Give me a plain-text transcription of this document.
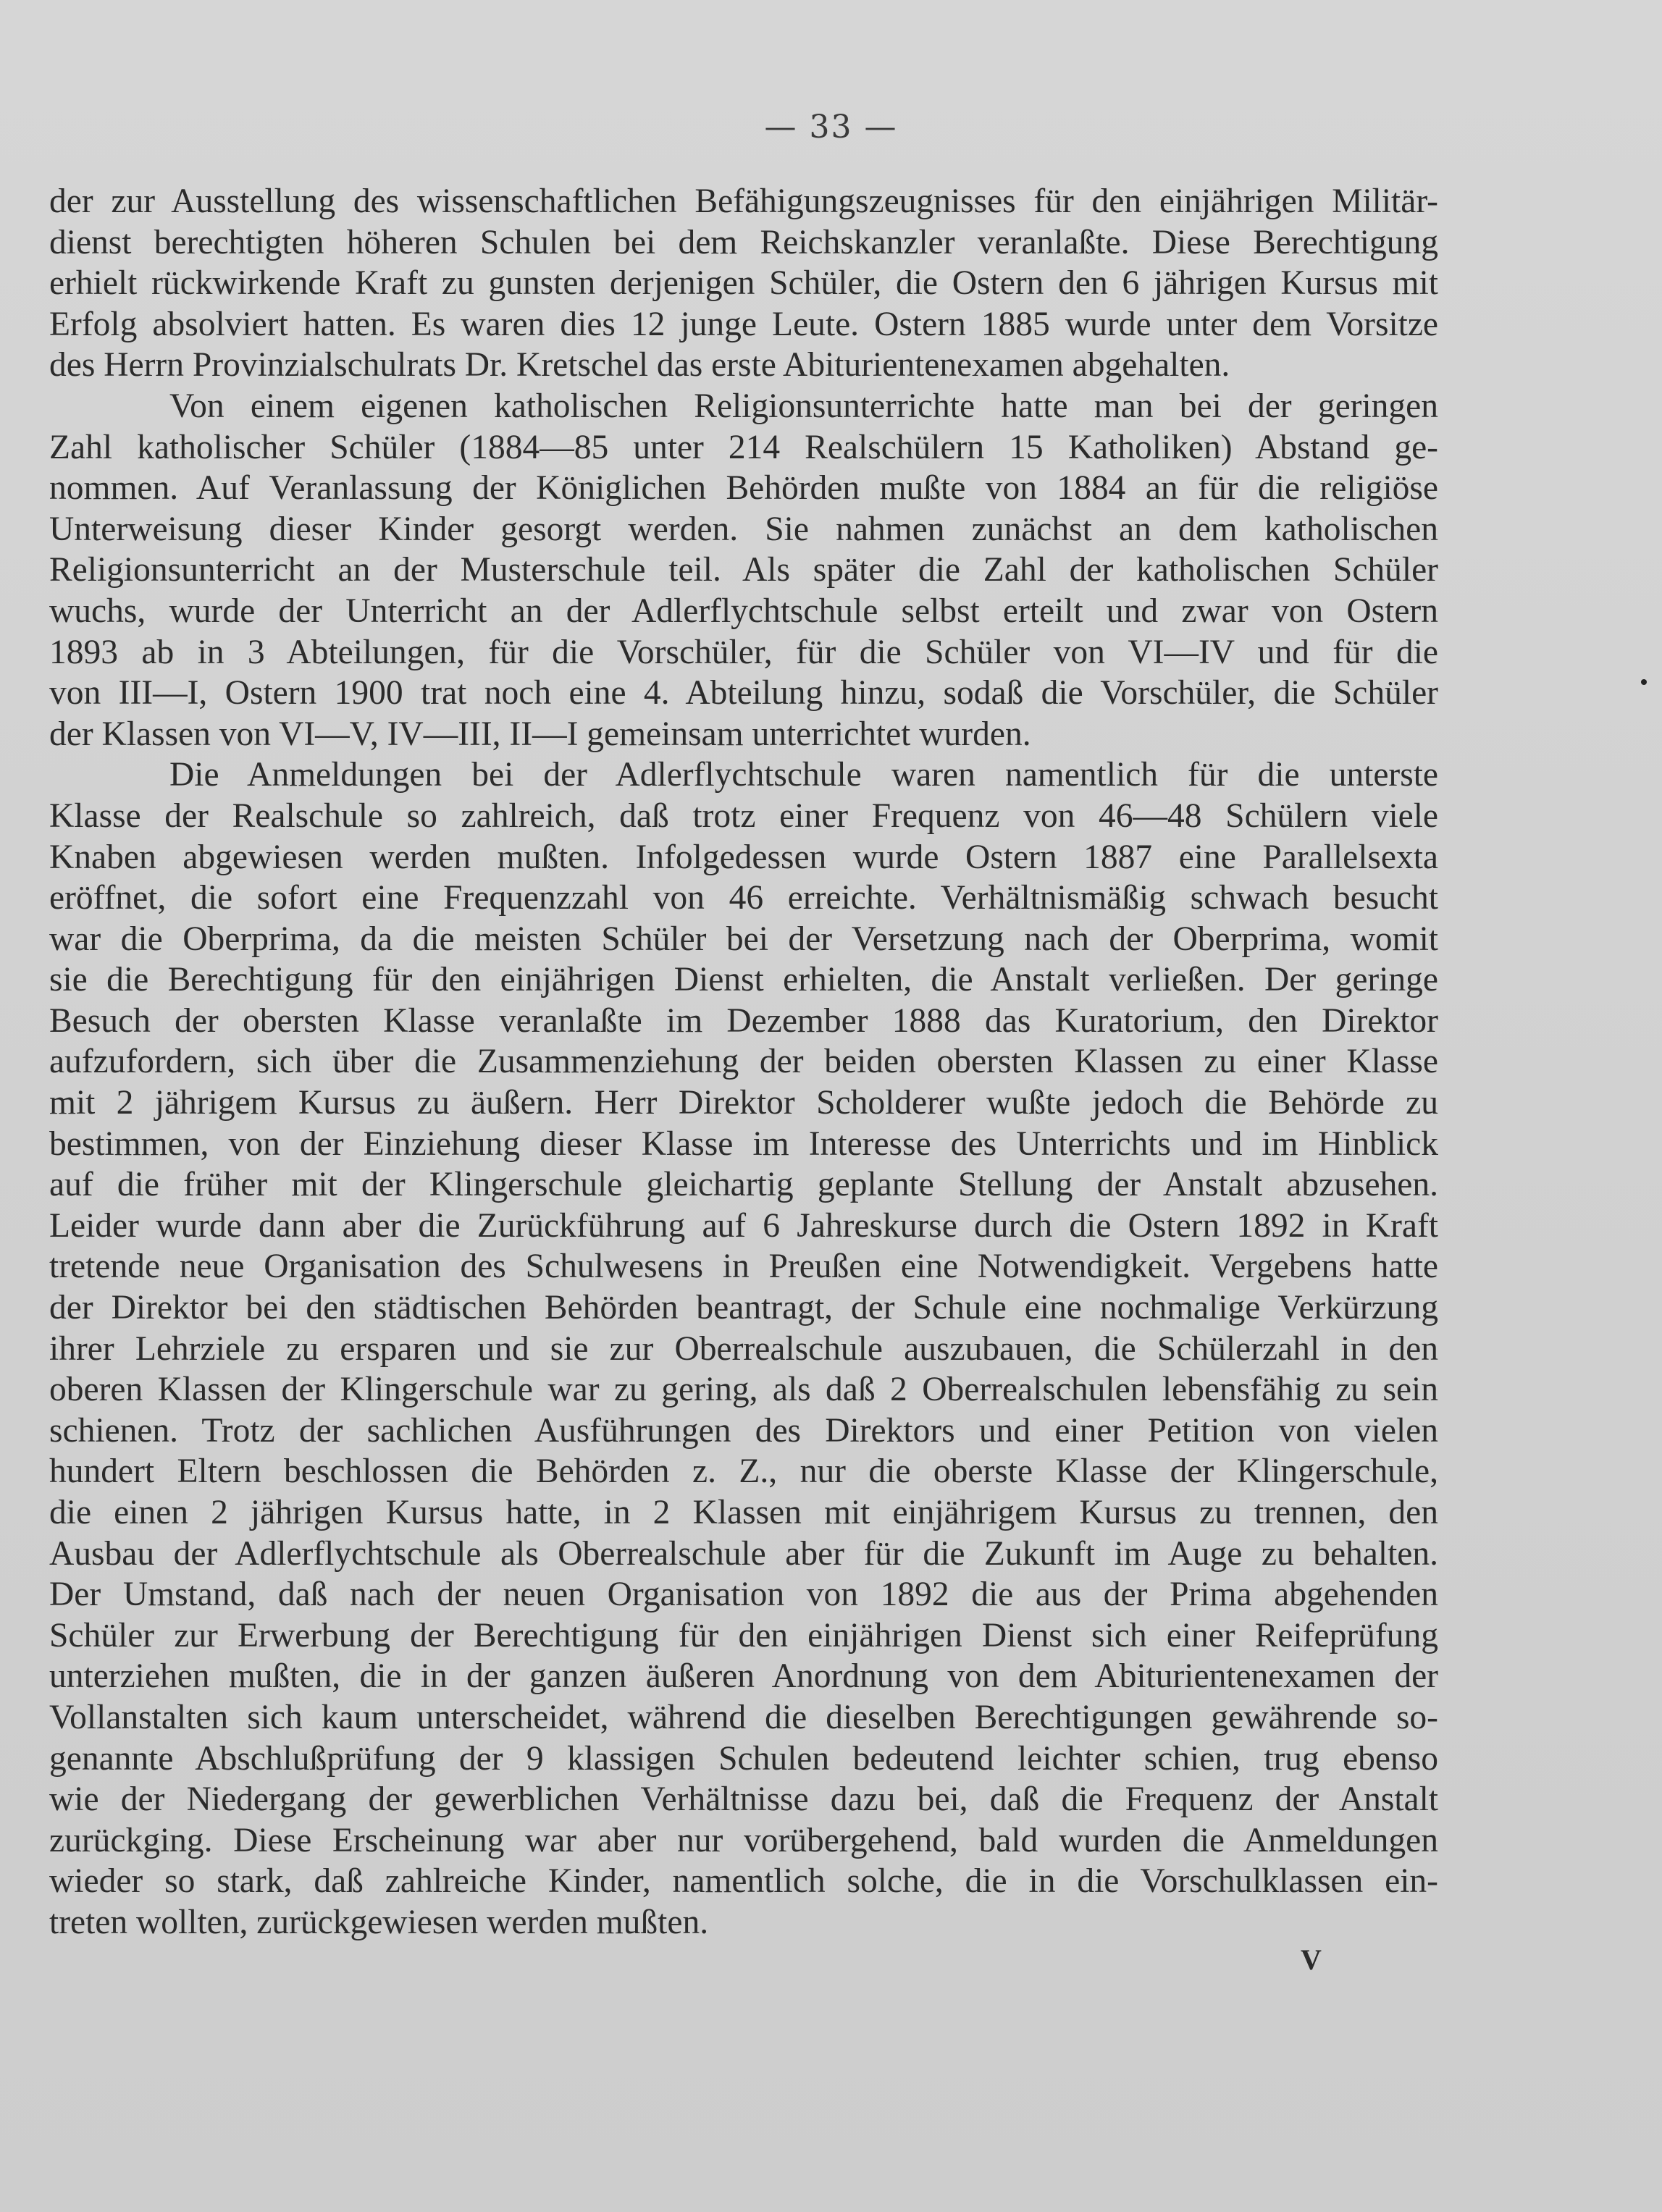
— 33 —

der zur Ausstellung des wissenschaftlichen Befähigungszeugnisses für den einjährigen Militär-
dienst berechtigten höheren Schulen bei dem Reichskanzler veranlaßte. Diese Berechtigung
erhielt rückwirkende Kraft zu gunsten derjenigen Schüler, die Ostern den 6 jährigen Kursus mit
Erfolg absolviert hatten. Es waren dies 12 junge Leute. Ostern 1885 wurde unter dem Vorsitze
des Herrn Provinzialschulrats Dr. Kretschel das erste Abiturientenexamen abgehalten.
Von einem eigenen katholischen Religionsunterrichte hatte man bei der geringen
Zahl katholischer Schüler (1884—85 unter 214 Realschülern 15 Katholiken) Abstand ge-
nommen. Auf Veranlassung der Königlichen Behörden mußte von 1884 an für die religiöse
Unterweisung dieser Kinder gesorgt werden. Sie nahmen zunächst an dem katholischen
Religionsunterricht an der Musterschule teil. Als später die Zahl der katholischen Schüler
wuchs, wurde der Unterricht an der Adlerflychtschule selbst erteilt und zwar von Ostern
1893 ab in 3 Abteilungen, für die Vorschüler, für die Schüler von VI—IV und für die
von III—I, Ostern 1900 trat noch eine 4. Abteilung hinzu, sodaß die Vorschüler, die Schüler
der Klassen von VI—V, IV—III, II—I gemeinsam unterrichtet wurden.
Die Anmeldungen bei der Adlerflychtschule waren namentlich für die unterste
Klasse der Realschule so zahlreich, daß trotz einer Frequenz von 46—48 Schülern viele
Knaben abgewiesen werden mußten. Infolgedessen wurde Ostern 1887 eine Parallelsexta
eröffnet, die sofort eine Frequenzzahl von 46 erreichte. Verhältnismäßig schwach besucht
war die Oberprima, da die meisten Schüler bei der Versetzung nach der Oberprima, womit
sie die Berechtigung für den einjährigen Dienst erhielten, die Anstalt verließen. Der geringe
Besuch der obersten Klasse veranlaßte im Dezember 1888 das Kuratorium, den Direktor
aufzufordern, sich über die Zusammenziehung der beiden obersten Klassen zu einer Klasse
mit 2 jährigem Kursus zu äußern. Herr Direktor Scholderer wußte jedoch die Behörde zu
bestimmen, von der Einziehung dieser Klasse im Interesse des Unterrichts und im Hinblick
auf die früher mit der Klingerschule gleichartig geplante Stellung der Anstalt abzusehen.
Leider wurde dann aber die Zurückführung auf 6 Jahreskurse durch die Ostern 1892 in Kraft
tretende neue Organisation des Schulwesens in Preußen eine Notwendigkeit. Vergebens hatte
der Direktor bei den städtischen Behörden beantragt, der Schule eine nochmalige Verkürzung
ihrer Lehrziele zu ersparen und sie zur Oberrealschule auszubauen, die Schülerzahl in den
oberen Klassen der Klingerschule war zu gering, als daß 2 Oberrealschulen lebensfähig zu sein
schienen. Trotz der sachlichen Ausführungen des Direktors und einer Petition von vielen
hundert Eltern beschlossen die Behörden z. Z., nur die oberste Klasse der Klingerschule,
die einen 2 jährigen Kursus hatte, in 2 Klassen mit einjährigem Kursus zu trennen, den
Ausbau der Adlerflychtschule als Oberrealschule aber für die Zukunft im Auge zu behalten.
Der Umstand, daß nach der neuen Organisation von 1892 die aus der Prima abgehenden
Schüler zur Erwerbung der Berechtigung für den einjährigen Dienst sich einer Reifeprüfung
unterziehen mußten, die in der ganzen äußeren Anordnung von dem Abiturientenexamen der
Vollanstalten sich kaum unterscheidet, während die dieselben Berechtigungen gewährende so-
genannte Abschlußprüfung der 9 klassigen Schulen bedeutend leichter schien, trug ebenso
wie der Niedergang der gewerblichen Verhältnisse dazu bei, daß die Frequenz der Anstalt
zurückging. Diese Erscheinung war aber nur vorübergehend, bald wurden die Anmeldungen
wieder so stark, daß zahlreiche Kinder, namentlich solche, die in die Vorschulklassen ein-
treten wollten, zurückgewiesen werden mußten.

V
